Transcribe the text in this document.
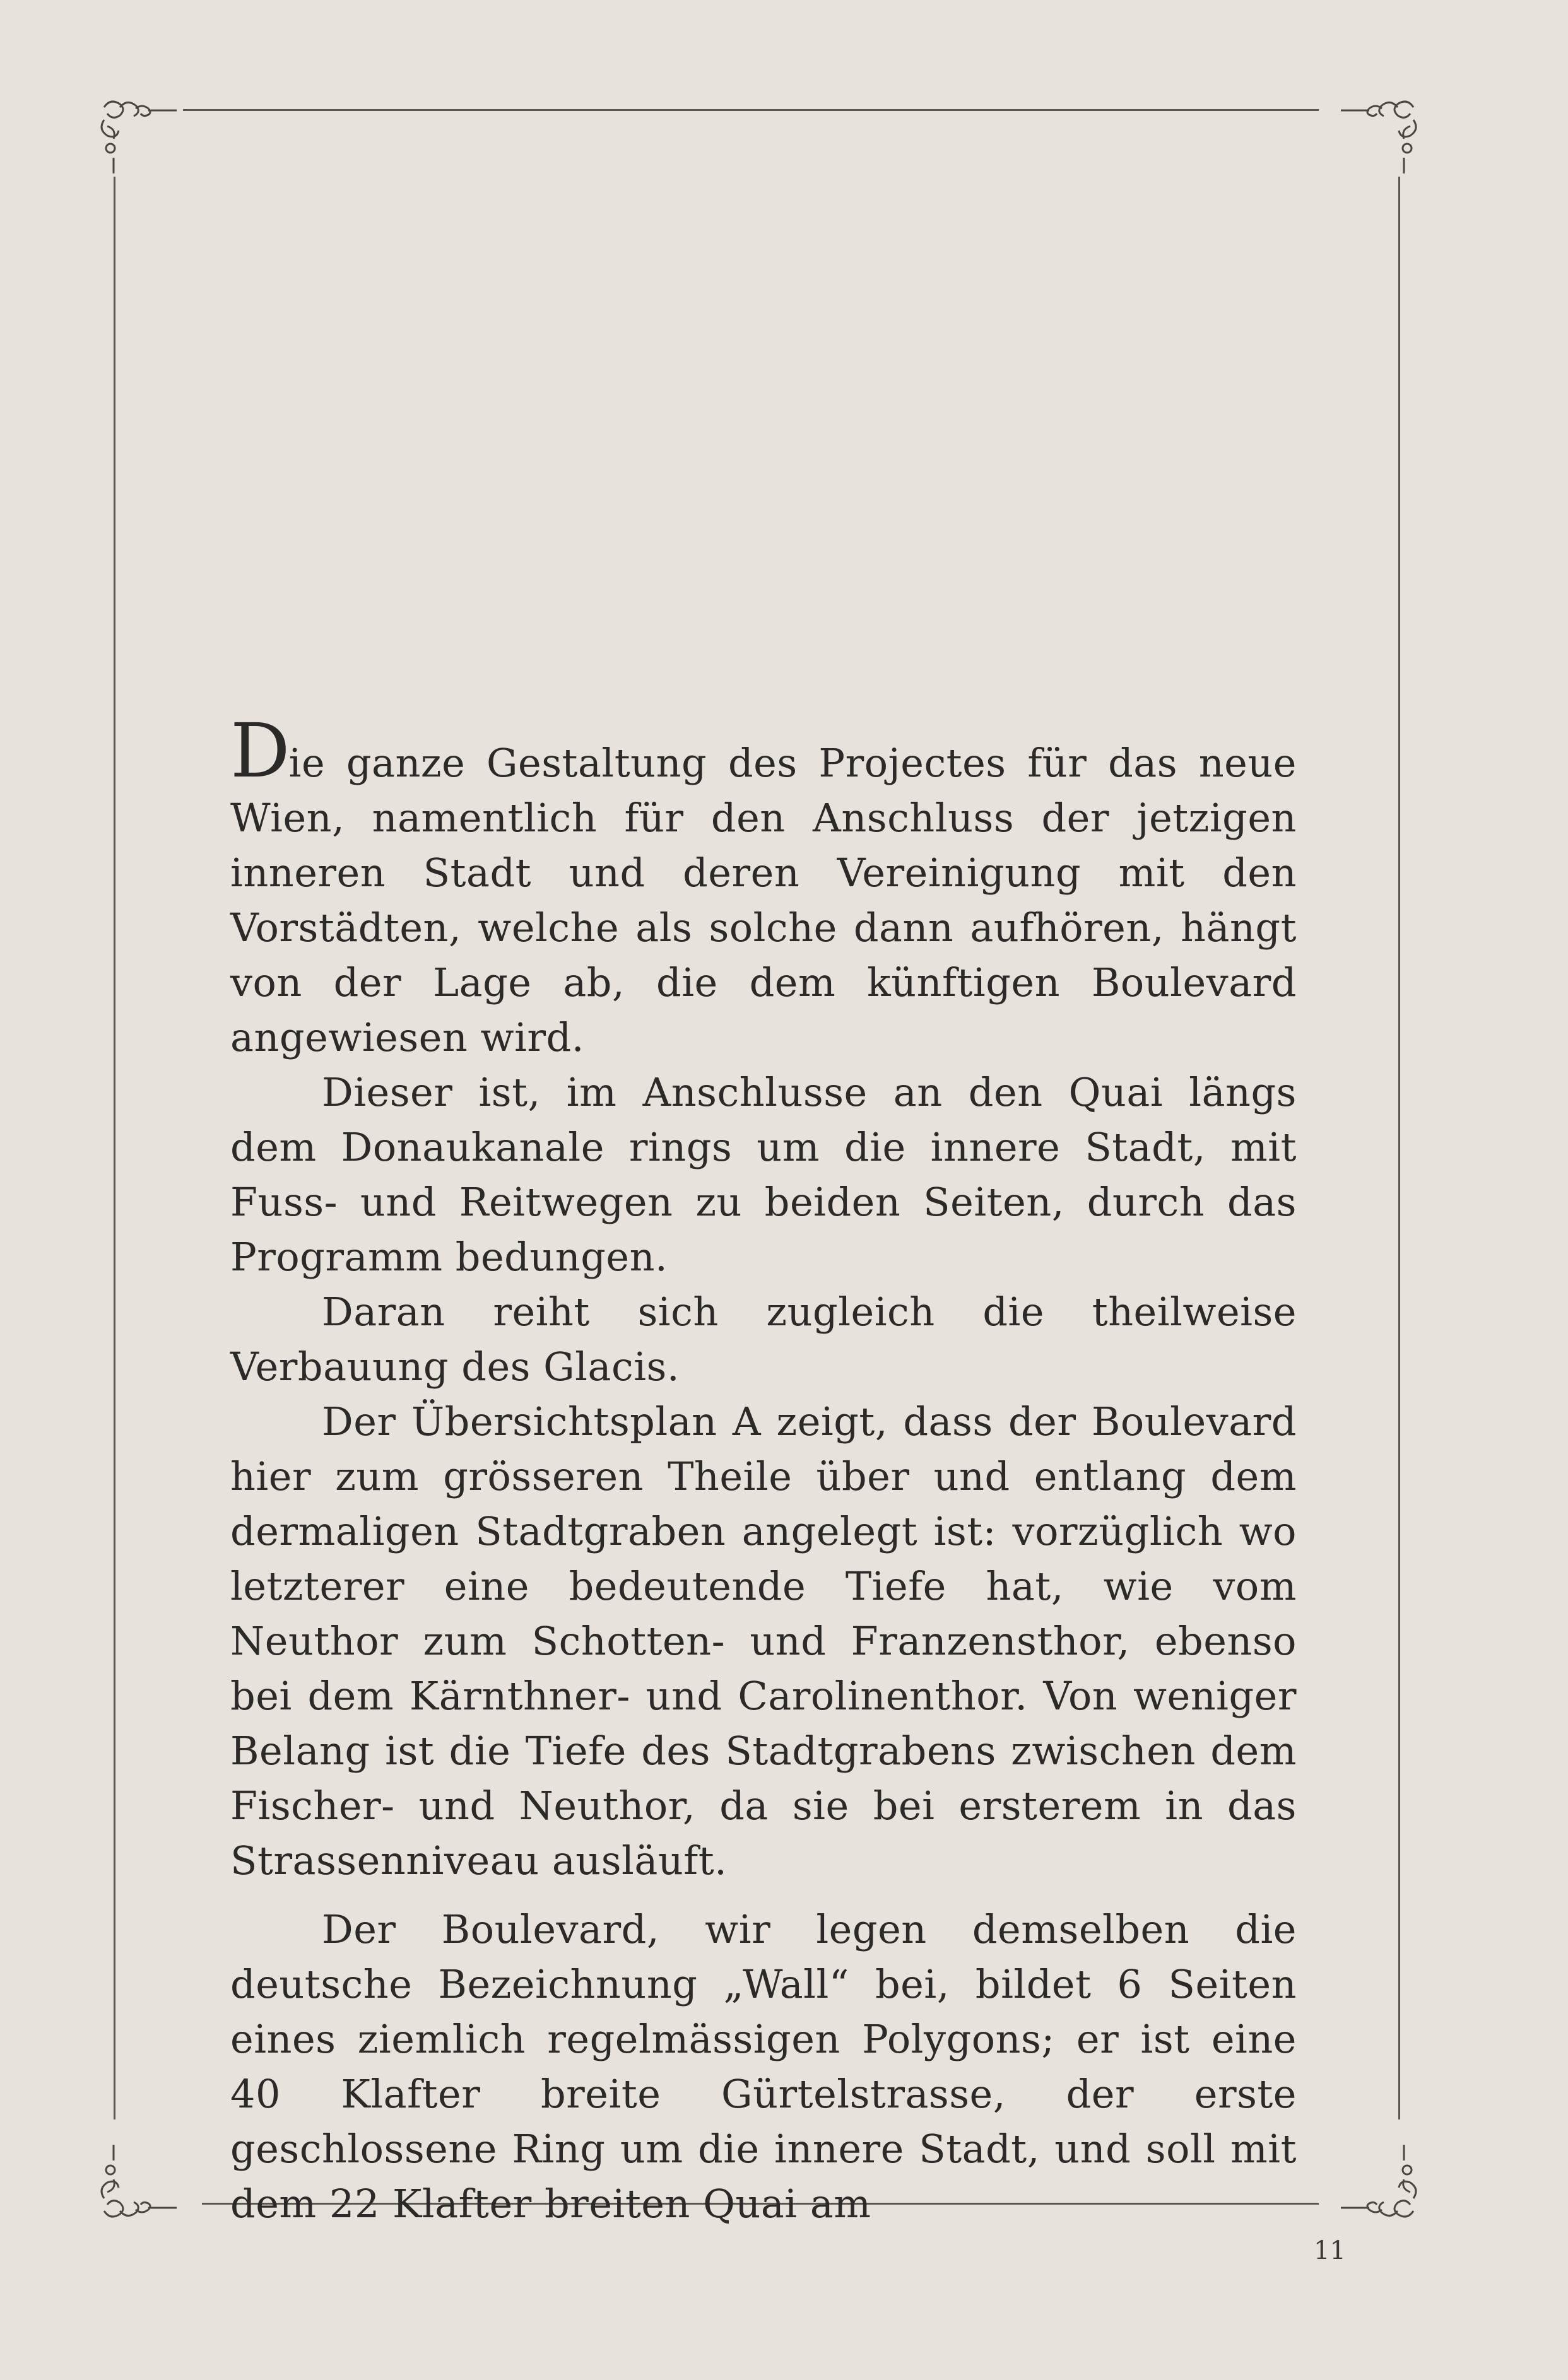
Die ganze Gestaltung des Projectes für das neue Wien, namentlich für den Anschluss der jetzigen inneren Stadt und deren Vereinigung mit den Vorstädten, welche als solche dann aufhören, hängt von der Lage ab, die dem künftigen Boulevard angewiesen wird.

Dieser ist, im Anschlusse an den Quai längs dem Donaukanale rings um die innere Stadt, mit Fuss- und Reitwegen zu beiden Seiten, durch das Programm bedungen.

Daran reiht sich zugleich die theilweise Verbauung des Glacis.

Der Übersichtsplan A zeigt, dass der Boulevard hier zum grösseren Theile über und entlang dem dermaligen Stadtgraben angelegt ist: vorzüglich wo letzterer eine bedeutende Tiefe hat, wie vom Neuthor zum Schotten- und Franzensthor, ebenso bei dem Kärnthner- und Carolinenthor. Von weniger Belang ist die Tiefe des Stadtgrabens zwischen dem Fischer- und Neuthor, da sie bei ersterem in das Strassenniveau ausläuft.

Der Boulevard, wir legen demselben die deutsche Bezeichnung „Wall“ bei, bildet 6 Seiten eines ziemlich regelmässigen Polygons; er ist eine 40 Klafter breite Gürtelstrasse, der erste geschlossene Ring um die innere Stadt, und soll mit dem 22 Klafter breiten Quai am

11
